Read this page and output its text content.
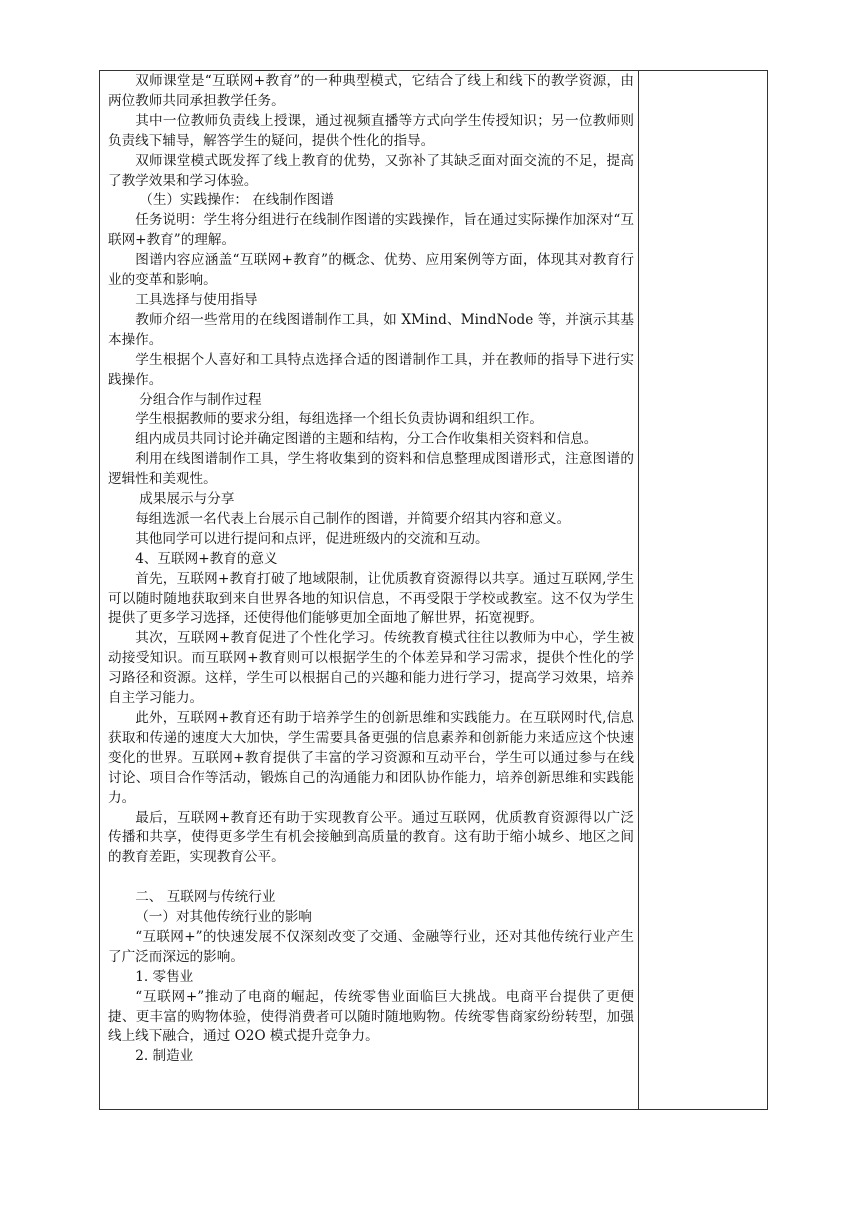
双师课堂是“互联网+教育”的一种典型模式，它结合了线上和线下的教学资源，由两位教师共同承担教学任务。

其中一位教师负责线上授课，通过视频直播等方式向学生传授知识；另一位教师则负责线下辅导，解答学生的疑问，提供个性化的指导。

双师课堂模式既发挥了线上教育的优势，又弥补了其缺乏面对面交流的不足，提高了教学效果和学习体验。

（生）实践操作： 在线制作图谱

任务说明：学生将分组进行在线制作图谱的实践操作，旨在通过实际操作加深对“互联网+教育”的理解。

图谱内容应涵盖“互联网+教育”的概念、优势、应用案例等方面，体现其对教育行业的变革和影响。

工具选择与使用指导

教师介绍一些常用的在线图谱制作工具，如 XMind、MindNode 等，并演示其基本操作。

学生根据个人喜好和工具特点选择合适的图谱制作工具，并在教师的指导下进行实践操作。

分组合作与制作过程

学生根据教师的要求分组，每组选择一个组长负责协调和组织工作。

组内成员共同讨论并确定图谱的主题和结构，分工合作收集相关资料和信息。

利用在线图谱制作工具，学生将收集到的资料和信息整理成图谱形式，注意图谱的逻辑性和美观性。

成果展示与分享

每组选派一名代表上台展示自己制作的图谱，并简要介绍其内容和意义。

其他同学可以进行提问和点评，促进班级内的交流和互动。

4、互联网+教育的意义

首先，互联网+教育打破了地域限制，让优质教育资源得以共享。通过互联网,学生可以随时随地获取到来自世界各地的知识信息，不再受限于学校或教室。这不仅为学生提供了更多学习选择，还使得他们能够更加全面地了解世界，拓宽视野。

其次，互联网+教育促进了个性化学习。传统教育模式往往以教师为中心，学生被动接受知识。而互联网+教育则可以根据学生的个体差异和学习需求，提供个性化的学习路径和资源。这样，学生可以根据自己的兴趣和能力进行学习，提高学习效果，培养自主学习能力。

此外，互联网+教育还有助于培养学生的创新思维和实践能力。在互联网时代,信息获取和传递的速度大大加快，学生需要具备更强的信息素养和创新能力来适应这个快速变化的世界。互联网+教育提供了丰富的学习资源和互动平台，学生可以通过参与在线讨论、项目合作等活动，锻炼自己的沟通能力和团队协作能力，培养创新思维和实践能力。

最后，互联网+教育还有助于实现教育公平。通过互联网，优质教育资源得以广泛传播和共享，使得更多学生有机会接触到高质量的教育。这有助于缩小城乡、地区之间的教育差距，实现教育公平。

二、 互联网与传统行业

（一）对其他传统行业的影响

“互联网+”的快速发展不仅深刻改变了交通、金融等行业，还对其他传统行业产生了广泛而深远的影响。

1. 零售业

“互联网+”推动了电商的崛起，传统零售业面临巨大挑战。电商平台提供了更便捷、更丰富的购物体验，使得消费者可以随时随地购物。传统零售商家纷纷转型，加强线上线下融合，通过 O2O 模式提升竞争力。

2. 制造业
